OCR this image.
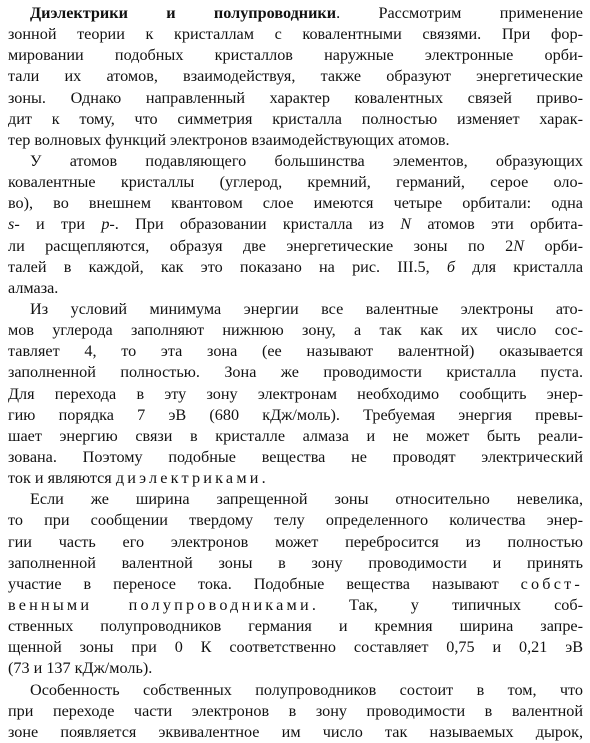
Диэлектрики и полупроводники. Рассмотрим применение
зонной теории к кристаллам с ковалентными связями. При фор-
мировании подобных кристаллов наружные электронные орби-
тали их атомов, взаимодействуя, также образуют энергетические
зоны. Однако направленный характер ковалентных связей приво-
дит к тому, что симметрия кристалла полностью изменяет харак-
тер волновых функций электронов взаимодействующих атомов.
У атомов подавляющего большинства элементов, образующих
ковалентные кристаллы (углерод, кремний, германий, серое оло-
во), во внешнем квантовом слое имеются четыре орбитали: одна
s- и три p-. При образовании кристалла из N атомов эти орбита-
ли расщепляются, образуя две энергетические зоны по 2N орби-
талей в каждой, как это показано на рис. III.5, б для кристалла
алмаза.
Из условий минимума энергии все валентные электроны ато-
мов углерода заполняют нижнюю зону, а так как их число сос-
тавляет 4, то эта зона (ее называют валентной) оказывается
заполненной полностью. Зона же проводимости кристалла пуста.
Для перехода в эту зону электронам необходимо сообщить энер-
гию порядка 7 эВ (680 кДж/моль). Требуемая энергия превы-
шает энергию связи в кристалле алмаза и не может быть реали-
зована. Поэтому подобные вещества не проводят электрический
ток и являются диэлектриками.
Если же ширина запрещенной зоны относительно невелика,
то при сообщении твердому телу определенного количества энер-
гии часть его электронов может перебросится из полностью
заполненной валентной зоны в зону проводимости и принять
участие в переносе тока. Подобные вещества называют собст-
венными полупроводниками. Так, у типичных соб-
ственных полупроводников германия и кремния ширина запре-
щенной зоны при 0 К соответственно составляет 0,75 и 0,21 эВ
(73 и 137 кДж/моль).
Особенность собственных полупроводников состоит в том, что
при переходе части электронов в зону проводимости в валентной
зоне появляется эквивалентное им число так называемых дырок,
